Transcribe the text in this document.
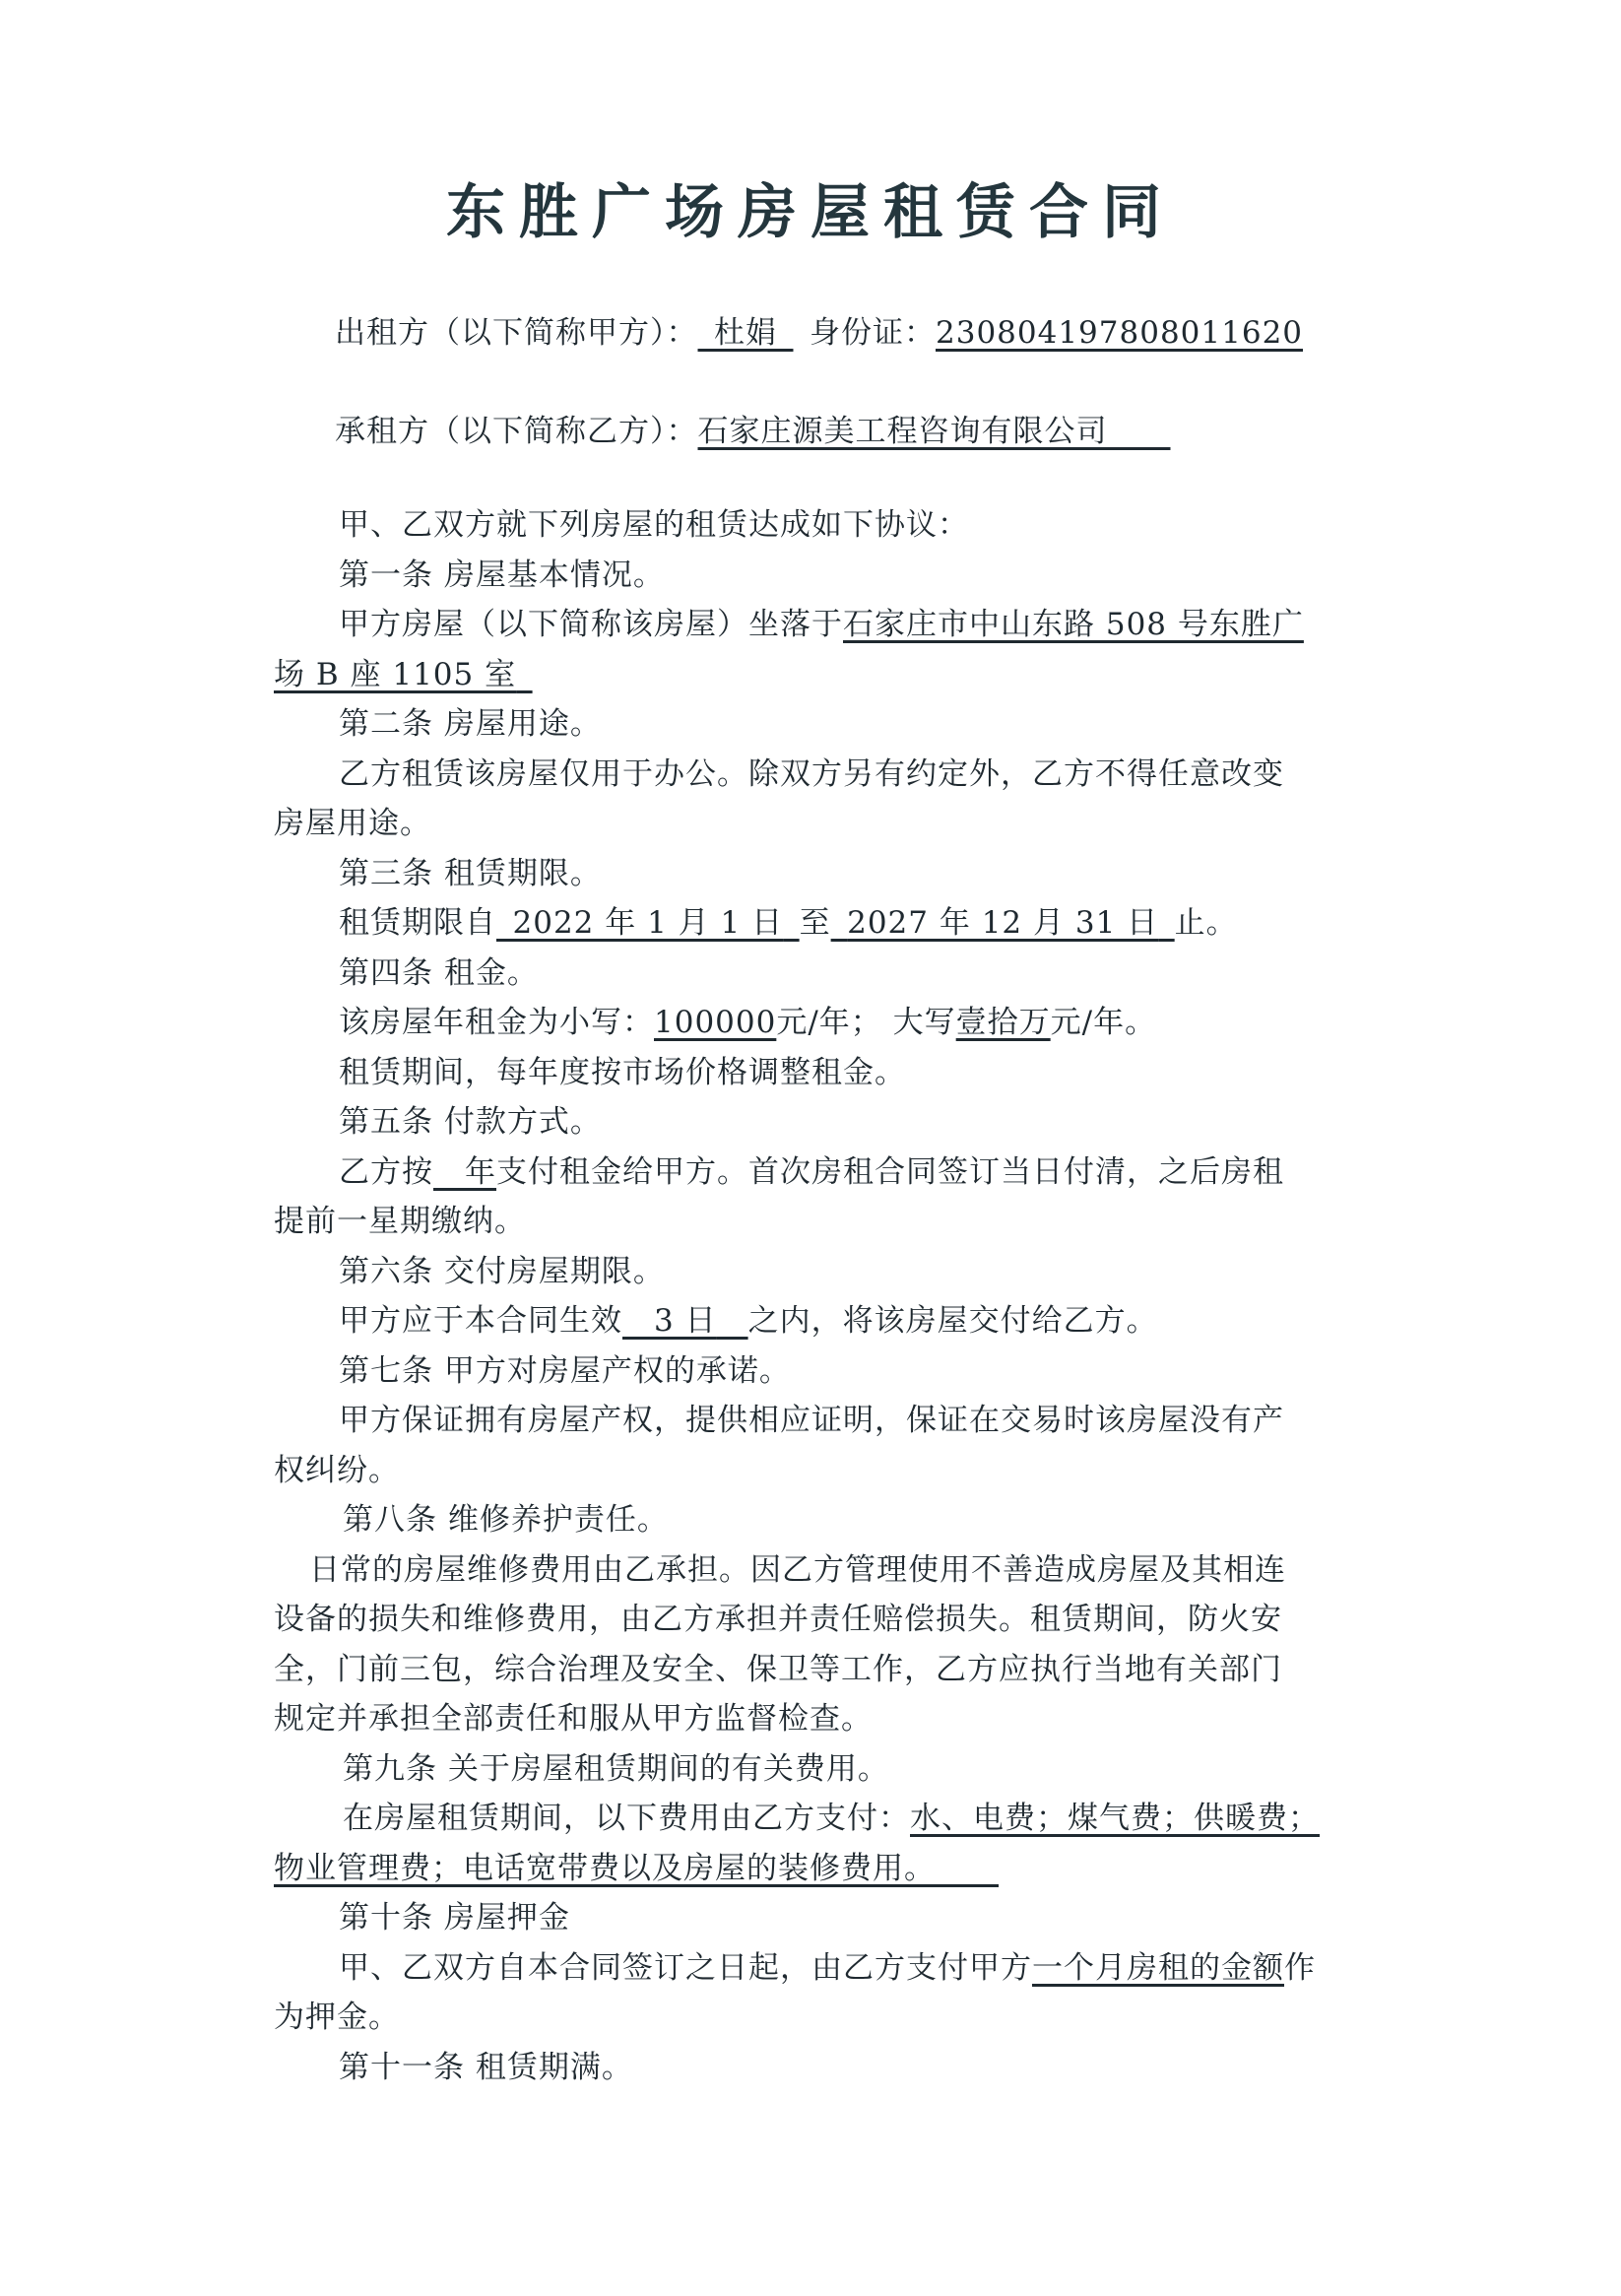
东胜广场房屋租赁合同
出租方（以下简称甲方）：  杜娟   身份证：230804197808011620
承租方（以下简称乙方）：石家庄源美工程咨询有限公司  
甲、乙双方就下列房屋的租赁达成如下协议：
第一条 房屋基本情况。
甲方房屋（以下简称该房屋）坐落于石家庄市中山东路 508 号东胜广
场 B 座 1105 室 
第二条 房屋用途。
乙方租赁该房屋仅用于办公。除双方另有约定外，乙方不得任意改变
房屋用途。
第三条 租赁期限。
租赁期限自  2022 年 1 月 1 日  至  2027 年 12 月 31 日  止。
第四条 租金。
该房屋年租金为小写：100000元/年； 大写壹拾万元/年。
租赁期间，每年度按市场价格调整租金。
第五条 付款方式。
乙方按  年支付租金给甲方。首次房租合同签订当日付清，之后房租
提前一星期缴纳。
第六条 交付房屋期限。
甲方应于本合同生效  3 日  之内，将该房屋交付给乙方。
第七条 甲方对房屋产权的承诺。
甲方保证拥有房屋产权，提供相应证明，保证在交易时该房屋没有产
权纠纷。
第八条 维修养护责任。
日常的房屋维修费用由乙承担。因乙方管理使用不善造成房屋及其相连
设备的损失和维修费用，由乙方承担并责任赔偿损失。租赁期间，防火安
全，门前三包，综合治理及安全、保卫等工作，乙方应执行当地有关部门
规定并承担全部责任和服从甲方监督检查。
第九条 关于房屋租赁期间的有关费用。
在房屋租赁期间，以下费用由乙方支付：水、电费；煤气费；供暖费；
物业管理费；电话宽带费以及房屋的装修费用。  
第十条 房屋押金
甲、乙双方自本合同签订之日起，由乙方支付甲方一个月房租的金额作
为押金。
第十一条 租赁期满。
